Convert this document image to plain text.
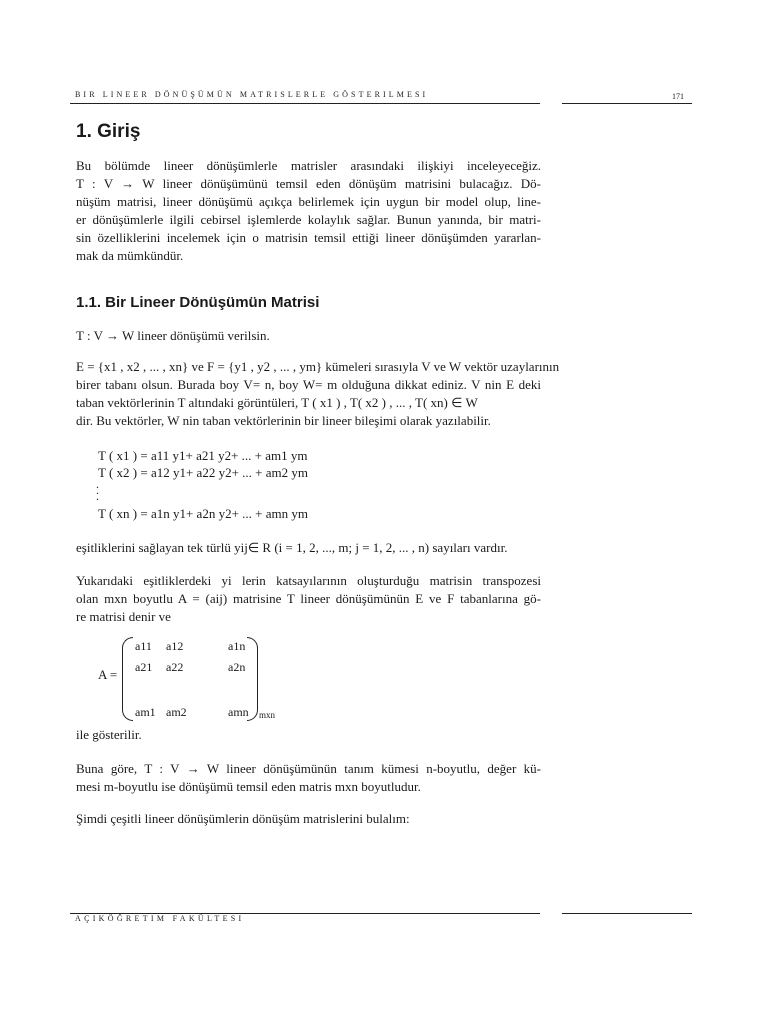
BIR LINEER DÖNÜŞÜMÜN MATRISLERLE GÖSTERILMESI	171
1. Giriş
Bu bölümde lineer dönüşümlerle matrisler arasındaki ilişkiyi inceleyeceğiz.
T : V → W lineer dönüşümünü temsil eden dönüşüm matrisini bulacağız. Dö-
nüşüm matrisi, lineer dönüşümü açıkça belirlemek için uygun bir model olup, line-
er dönüşümlerle ilgili cebirsel işlemlerde kolaylık sağlar. Bunun yanında, bir matri-
sin özelliklerini incelemek için o matrisin temsil ettiği lineer dönüşümden yararlan-
mak da mümkündür.
1.1. Bir Lineer Dönüşümün Matrisi
T : V → W lineer dönüşümü verilsin.
E = {x1 , x2 , ... , xn} ve F = {y1 , y2 , ... , ym} kümeleri sırasıyla V ve W vektör uzaylarının
birer tabanı olsun. Burada boy V= n, boy W= m olduğuna dikkat ediniz. V nin E deki
taban vektörlerinin T altındaki görüntüleri, T ( x1 ) , T( x2 ) , ... , T( xn) ∈ W
dir. Bu vektörler, W nin taban vektörlerinin bir lineer bileşimi olarak yazılabilir.
T ( x1 ) = a11 y1+ a21 y2+ ... + am1 ym
T ( x2 ) = a12 y1+ a22 y2+ ... + am2 ym
.
.
.
T ( xn ) = a1n y1+ a2n y2+ ... + amn ym
eşitliklerini sağlayan tek türlü yij∈ R (i = 1, 2, ..., m; j = 1, 2, ... , n) sayıları vardır.
Yukarıdaki eşitliklerdeki yi lerin katsayılarının oluşturduğu matrisin transpozesi
olan mxn boyutlu A = (aij) matrisine T lineer dönüşümünün E ve F tabanlarına gö-
re matrisi denir ve
A =
a11 a12	a1n
a21 a22	a2n
am1 am2	amn mxn
ile gösterilir.
Buna göre, T : V → W lineer dönüşümünün tanım kümesi n-boyutlu, değer kü-
mesi m-boyutlu ise dönüşümü temsil eden matris mxn boyutludur.
Şimdi çeşitli lineer dönüşümlerin dönüşüm matrislerini bulalım:
AÇIKÖĞRETIM FAKÜLTESI
